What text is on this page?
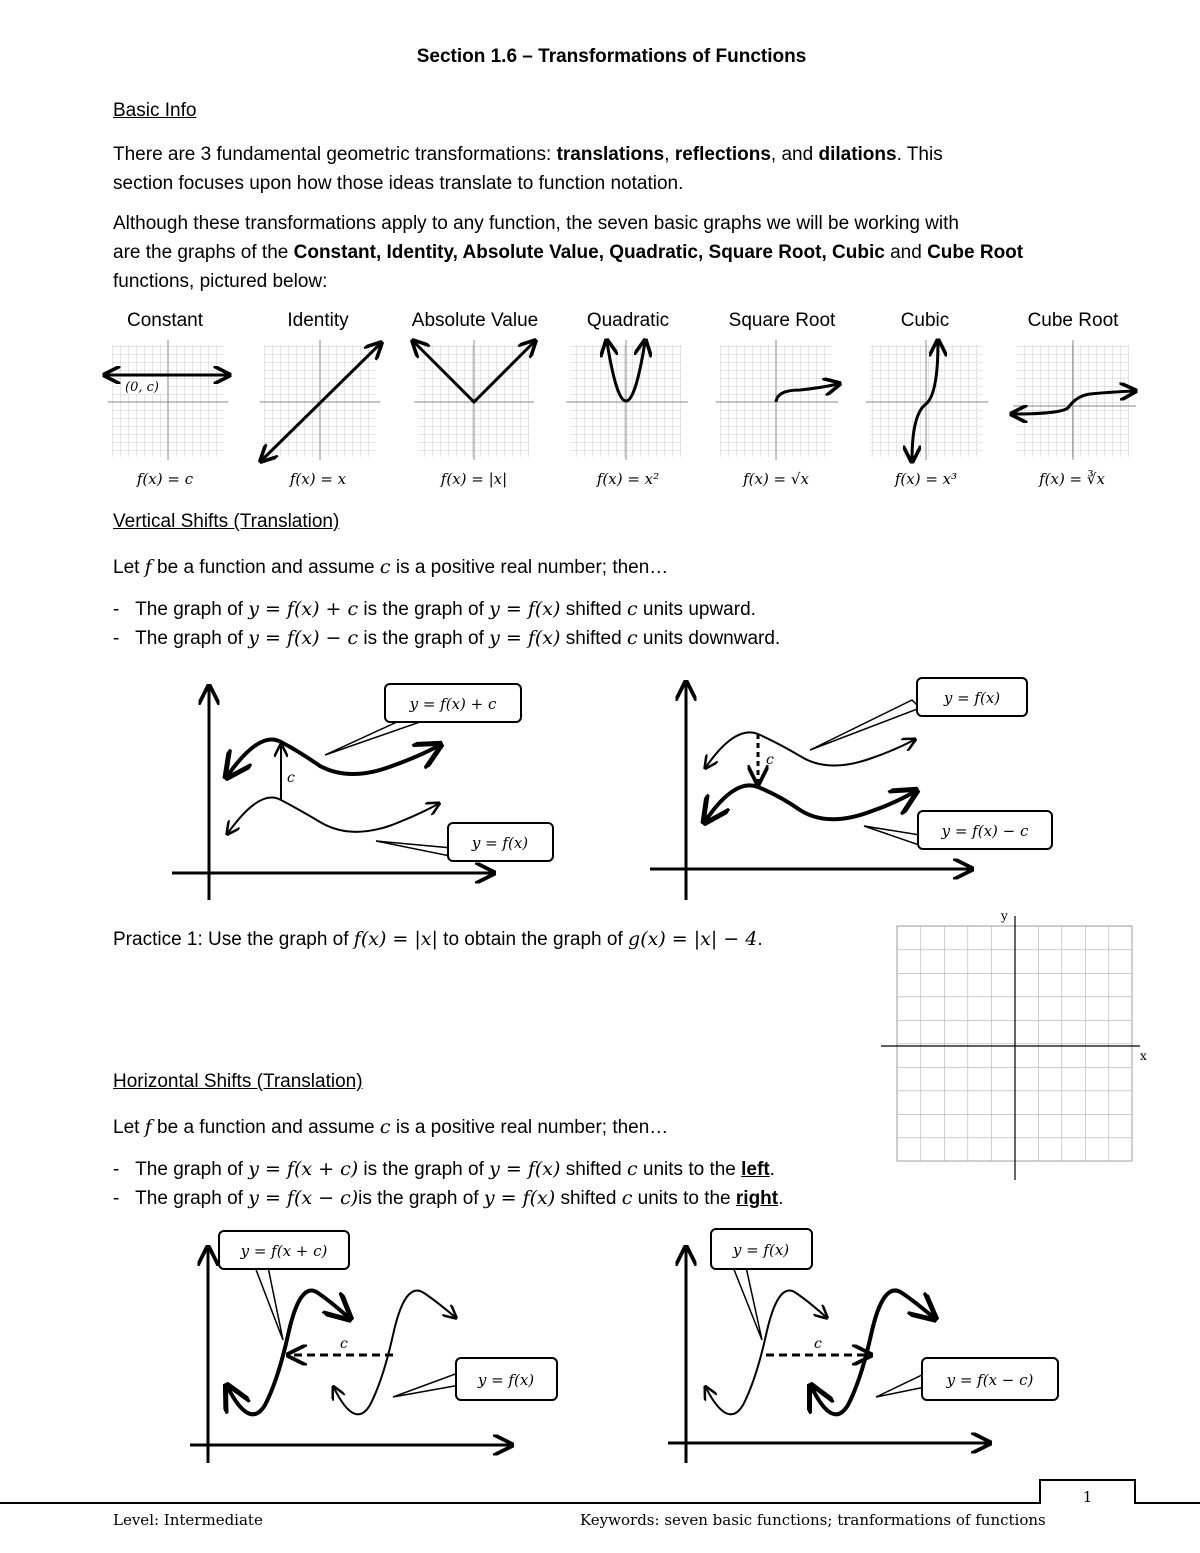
Section 1.6 – Transformations of Functions
Basic Info
There are 3 fundamental geometric transformations: translations, reflections, and dilations. This
section focuses upon how those ideas translate to function notation.
Although these transformations apply to any function, the seven basic graphs we will be working with
are the graphs of the Constant, Identity, Absolute Value, Quadratic, Square Root, Cubic and Cube Root
functions, pictured below:
Constant	Identity	Absolute Value	Quadratic	Square Root	Cubic	Cube Root
(0, c)
f(x) = c	f(x) = x	f(x) = |x|	f(x) = x²	f(x) = √x	f(x) = x³	f(x) = ∛x
Vertical Shifts (Translation)
Let f be a function and assume c is a positive real number; then…
- The graph of y = f(x) + c is the graph of y = f(x) shifted c units upward.
- The graph of y = f(x) − c is the graph of y = f(x) shifted c units downward.
c
y = f(x) + c
y = f(x)
c
y = f(x)
y = f(x) − c
Practice 1: Use the graph of f(x) = |x| to obtain the graph of g(x) = |x| − 4.
x
y
Horizontal Shifts (Translation)
Let f be a function and assume c is a positive real number; then…
- The graph of y = f(x + c) is the graph of y = f(x) shifted c units to the left.
- The graph of y = f(x − c)is the graph of y = f(x) shifted c units to the right.
c
y = f(x + c)
y = f(x)
c
y = f(x)
y = f(x − c)
1
Level: Intermediate	Keywords: seven basic functions; tranformations of functions
